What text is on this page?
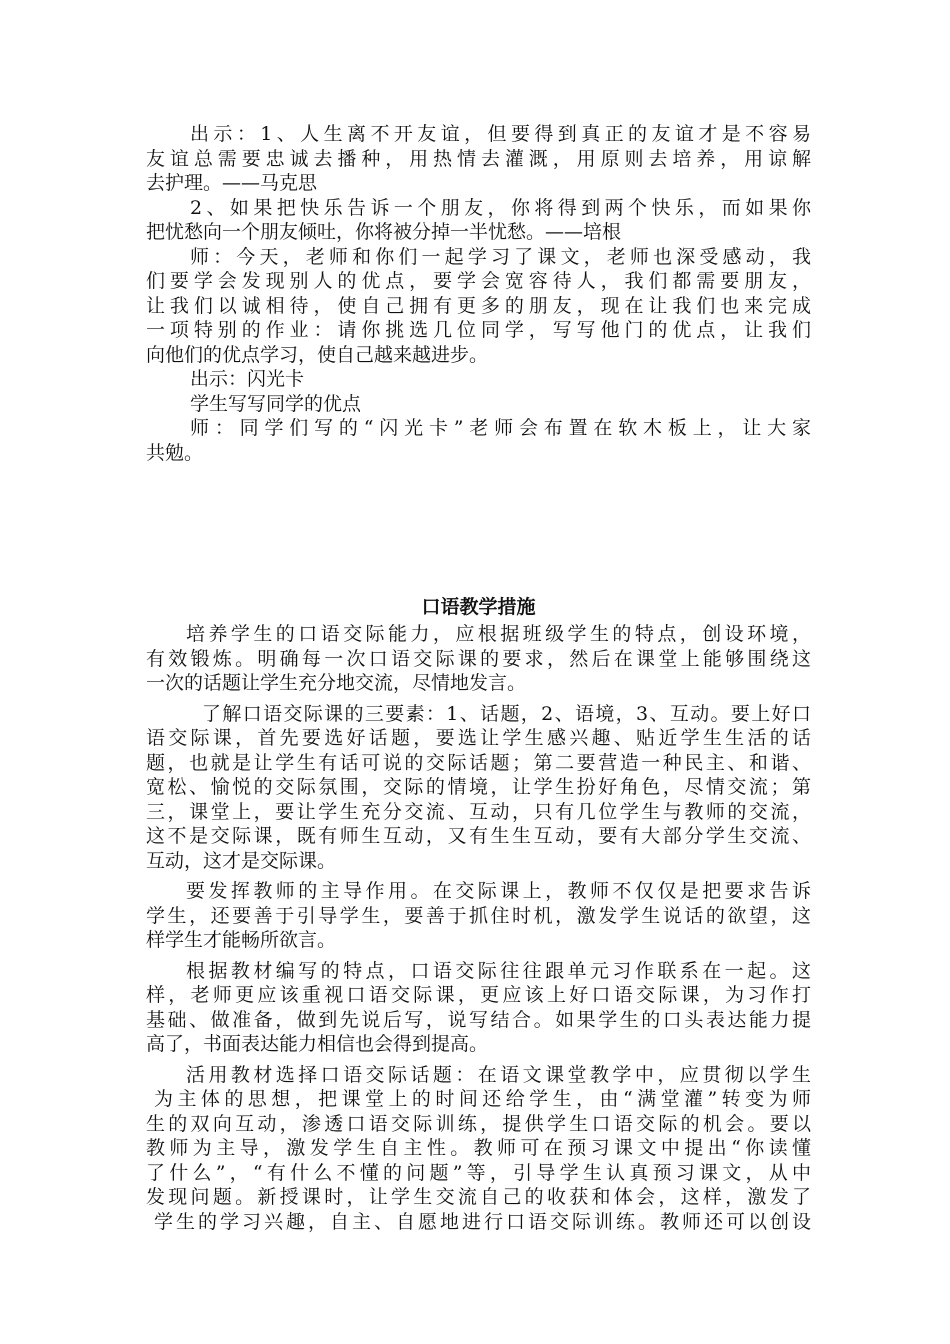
出示：1、人生离不开友谊，但要得到真正的友谊才是不容易
友谊总需要忠诚去播种，用热情去灌溉，用原则去培养，用谅解
去护理。——马克思
2、如果把快乐告诉一个朋友，你将得到两个快乐，而如果你
把忧愁向一个朋友倾吐，你将被分掉一半忧愁。——培根
师：今天，老师和你们一起学习了课文，老师也深受感动，我
们要学会发现别人的优点，要学会宽容待人，我们都需要朋友，
让我们以诚相待，使自己拥有更多的朋友，现在让我们也来完成
一项特别的作业：请你挑选几位同学，写写他门的优点，让我们
向他们的优点学习，使自己越来越进步。
出示：闪光卡
学生写写同学的优点
师：同学们写的“闪光卡”老师会布置在软木板上，让大家
共勉。
口语教学措施
培养学生的口语交际能力，应根据班级学生的特点，创设环境，
有效锻炼。明确每一次口语交际课的要求，然后在课堂上能够围绕这
一次的话题让学生充分地交流，尽情地发言。
了解口语交际课的三要素：1、话题，2、语境，3、互动。要上好口
语交际课，首先要选好话题，要选让学生感兴趣、贴近学生生活的话
题，也就是让学生有话可说的交际话题；第二要营造一种民主、和谐、
宽松、愉悦的交际氛围，交际的情境，让学生扮好角色，尽情交流；第
三，课堂上，要让学生充分交流、互动，只有几位学生与教师的交流，
这不是交际课，既有师生互动，又有生生互动，要有大部分学生交流、
互动，这才是交际课。
要发挥教师的主导作用。在交际课上，教师不仅仅是把要求告诉
学生，还要善于引导学生，要善于抓住时机，激发学生说话的欲望，这
样学生才能畅所欲言。
根据教材编写的特点，口语交际往往跟单元习作联系在一起。这
样，老师更应该重视口语交际课，更应该上好口语交际课，为习作打
基础、做准备，做到先说后写，说写结合。如果学生的口头表达能力提
高了，书面表达能力相信也会得到提高。
活用教材选择口语交际话题：在语文课堂教学中，应贯彻以学生
为主体的思想，把课堂上的时间还给学生，由“满堂灌”转变为师
生的双向互动，渗透口语交际训练，提供学生口语交际的机会。要以
教师为主导，激发学生自主性。教师可在预习课文中提出“你读懂
了什么”，“有什么不懂的问题”等，引导学生认真预习课文，从中
发现问题。新授课时，让学生交流自己的收获和体会，这样，激发了
学生的学习兴趣，自主、自愿地进行口语交际训练。教师还可以创设
